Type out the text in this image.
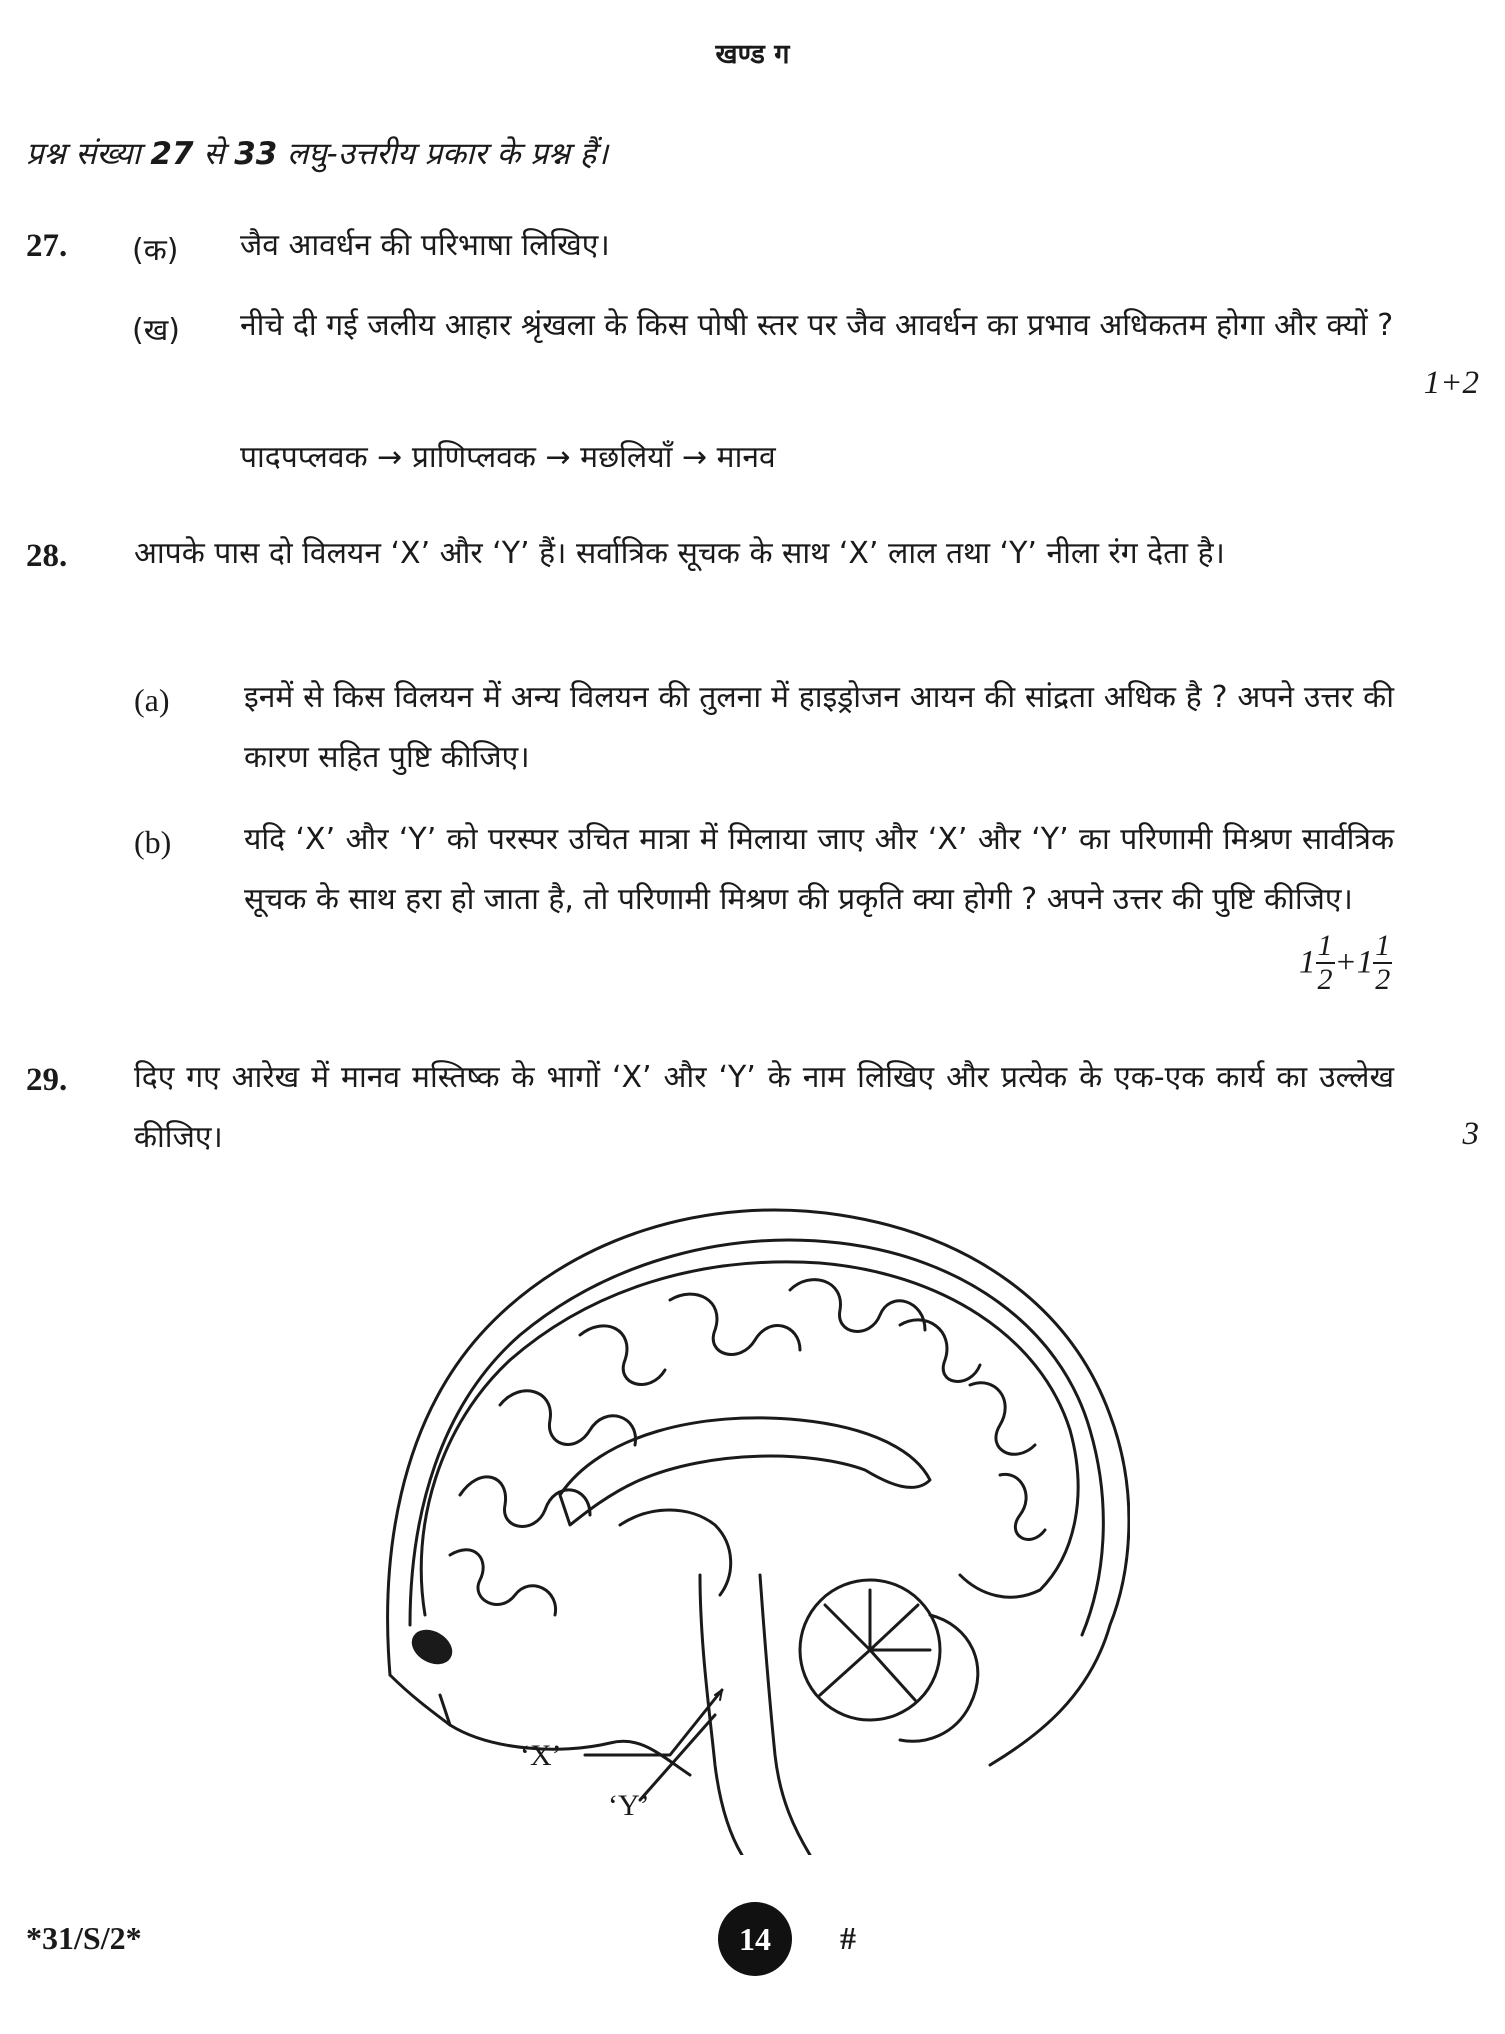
खण्ड ग
प्रश्न संख्या 27 से 33 लघु-उत्तरीय प्रकार के प्रश्न हैं।
27. (क) जैव आवर्धन की परिभाषा लिखिए।
(ख) नीचे दी गई जलीय आहार श्रृंखला के किस पोषी स्तर पर जैव आवर्धन का प्रभाव अधिकतम होगा और क्यों ?
1+2
पादपप्लवक → प्राणिप्लवक → मछलियाँ → मानव
28. आपके पास दो विलयन ‘X’ और ‘Y’ हैं। सर्वात्रिक सूचक के साथ ‘X’ लाल तथा ‘Y’ नीला रंग देता है।
(a) इनमें से किस विलयन में अन्य विलयन की तुलना में हाइड्रोजन आयन की सांद्रता अधिक है ? अपने उत्तर की कारण सहित पुष्टि कीजिए।
(b) यदि ‘X’ और ‘Y’ को परस्पर उचित मात्रा में मिलाया जाए और ‘X’ और ‘Y’ का परिणामी मिश्रण सार्वत्रिक सूचक के साथ हरा हो जाता है, तो परिणामी मिश्रण की प्रकृति क्या होगी ? अपने उत्तर की पुष्टि कीजिए।
$1 \frac{1}{2} +1 \frac{1}{2}$
29. दिए गए आरेख में मानव मस्तिष्क के भागों ‘X’ और ‘Y’ के नाम लिखिए और प्रत्येक के एक-एक कार्य का उल्लेख कीजिए।	3
‘X’
‘Y’
*31/S/2*	14	#
